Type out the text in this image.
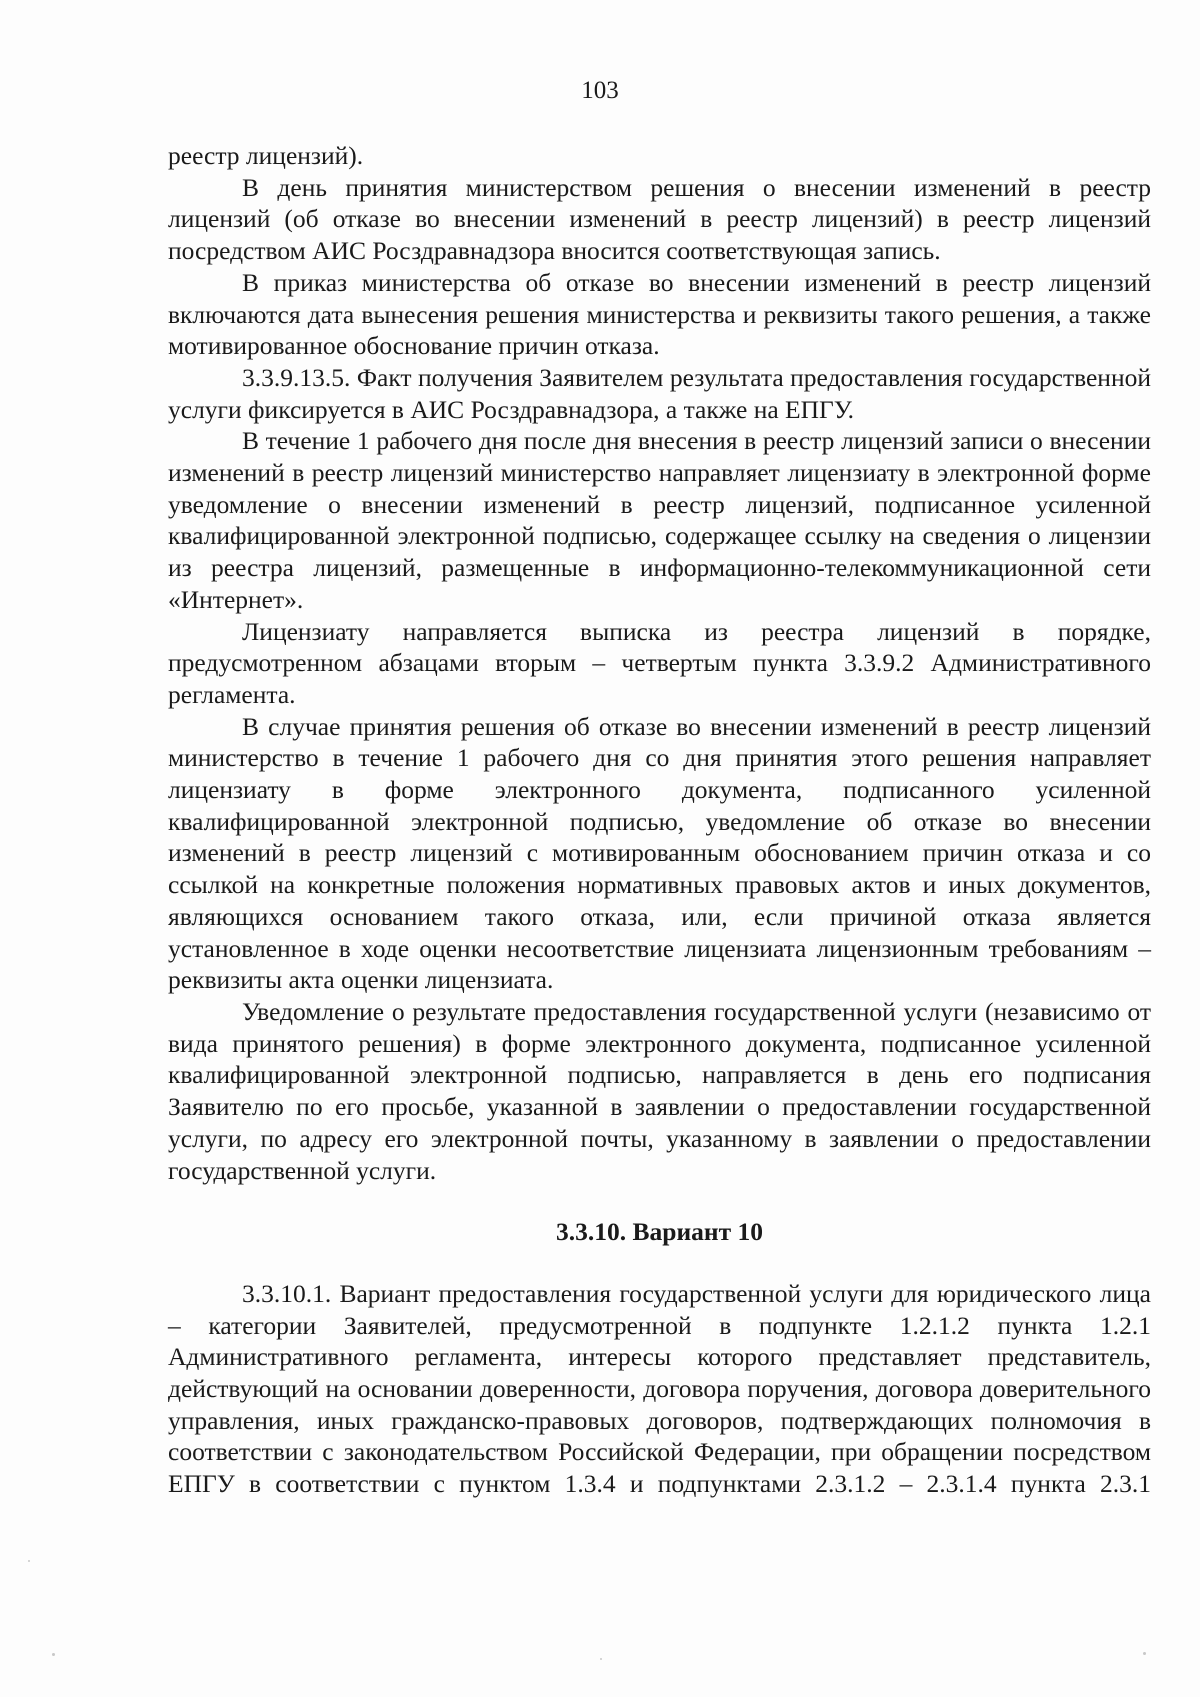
103

реестр лицензий).

В день принятия министерством решения о внесении изменений в реестр лицензий (об отказе во внесении изменений в реестр лицензий) в реестр лицензий посредством АИС Росздравнадзора вносится соответствующая запись.

В приказ министерства об отказе во внесении изменений в реестр лицензий включаются дата вынесения решения министерства и реквизиты такого решения, а также мотивированное обоснование причин отказа.

3.3.9.13.5. Факт получения Заявителем результата предоставления государственной услуги фиксируется в АИС Росздравнадзора, а также на ЕПГУ.

В течение 1 рабочего дня после дня внесения в реестр лицензий записи о внесении изменений в реестр лицензий министерство направляет лицензиату в электронной форме уведомление о внесении изменений в реестр лицензий, подписанное усиленной квалифицированной электронной подписью, содержащее ссылку на сведения о лицензии из реестра лицензий, размещенные в информационно-телекоммуникационной сети «Интернет».

Лицензиату направляется выписка из реестра лицензий в порядке, предусмотренном абзацами вторым – четвертым пункта 3.3.9.2 Административного регламента.

В случае принятия решения об отказе во внесении изменений в реестр лицензий министерство в течение 1 рабочего дня со дня принятия этого решения направляет лицензиату в форме электронного документа, подписанного усиленной квалифицированной электронной подписью, уведомление об отказе во внесении изменений в реестр лицензий с мотивированным обоснованием причин отказа и со ссылкой на конкретные положения нормативных правовых актов и иных документов, являющихся основанием такого отказа, или, если причиной отказа является установленное в ходе оценки несоответствие лицензиата лицензионным требованиям – реквизиты акта оценки лицензиата.

Уведомление о результате предоставления государственной услуги (независимо от вида принятого решения) в форме электронного документа, подписанное усиленной квалифицированной электронной подписью, направляется в день его подписания Заявителю по его просьбе, указанной в заявлении о предоставлении государственной услуги, по адресу его электронной почты, указанному в заявлении о предоставлении государственной услуги.

3.3.10. Вариант 10

3.3.10.1. Вариант предоставления государственной услуги для юридического лица – категории Заявителей, предусмотренной в подпункте 1.2.1.2 пункта 1.2.1 Административного регламента, интересы которого представляет представитель, действующий на основании доверенности, договора поручения, договора доверительного управления, иных гражданско-правовых договоров, подтверждающих полномочия в соответствии с законодательством Российской Федерации, при обращении посредством ЕПГУ в соответствии с пунктом 1.3.4 и подпунктами 2.3.1.2 – 2.3.1.4 пункта 2.3.1
